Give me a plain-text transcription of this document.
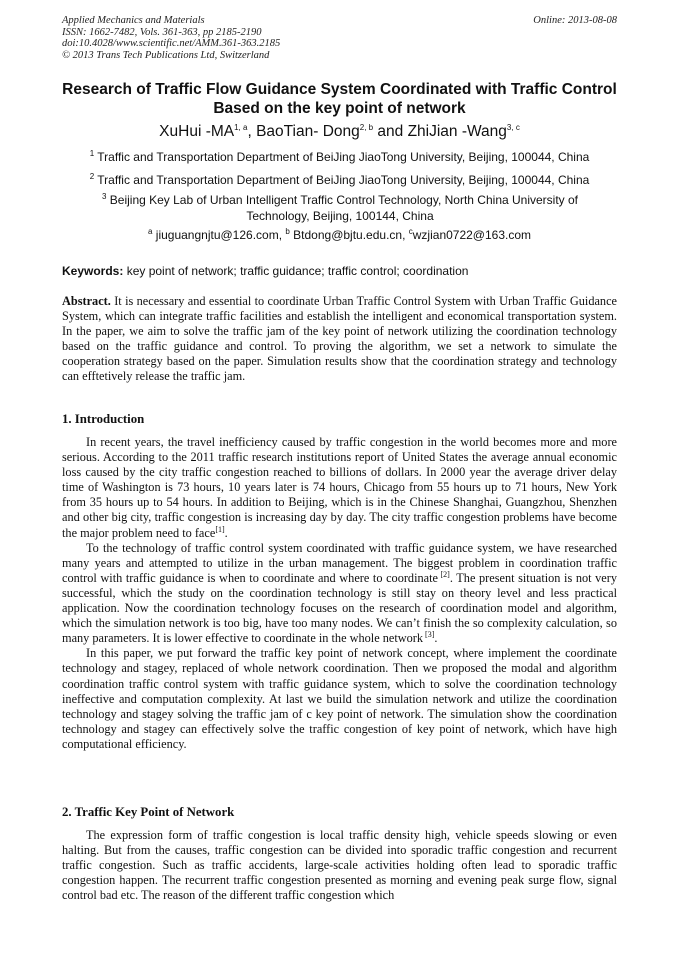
Applied Mechanics and Materials
ISSN: 1662-7482, Vols. 361-363, pp 2185-2190
doi:10.4028/www.scientific.net/AMM.361-363.2185
© 2013 Trans Tech Publications Ltd, Switzerland
Online: 2013-08-08
Research of Traffic Flow Guidance System Coordinated with Traffic Control Based on the key point of network
XuHui -MA$^{1, a}$, BaoTian- Dong$^{2, b}$ and ZhiJian -Wang$^{3, c}$
$^1$ Traffic and Transportation Department of BeiJing JiaoTong University, Beijing, 100044, China
$^2$ Traffic and Transportation Department of BeiJing JiaoTong University, Beijing, 100044, China
$^3$ Beijing Key Lab of Urban Intelligent Traffic Control Technology, North China University of Technology, Beijing, 100144, China
$^a$ jiuguangnjtu@126.com, $^b$ Btdong@bjtu.edu.cn, $^c$wzjian0722@163.com
Keywords: key point of network; traffic guidance; traffic control; coordination
Abstract. It is necessary and essential to coordinate Urban Traffic Control System with Urban Traffic Guidance System, which can integrate traffic facilities and establish the intelligent and economical transportation system. In the paper, we aim to solve the traffic jam of the key point of network utilizing the coordination technology based on the traffic guidance and control. To proving the algorithm, we set a network to simulate the cooperation strategy based on the paper. Simulation results show that the coordination strategy and technology can efftetively release the traffic jam.
1. Introduction

In recent years, the travel inefficiency caused by traffic congestion in the world becomes more and more serious. According to the 2011 traffic research institutions report of United States the average annual economic loss caused by the city traffic congestion reached to billions of dollars. In 2000 year the average driver delay time of Washington is 73 hours, 10 years later is 74 hours, Chicago from 55 hours up to 71 hours, New York from 35 hours up to 54 hours. In addition to Beijing, which is in the Chinese Shanghai, Guangzhou, Shenzhen and other big city, traffic congestion is increasing day by day. The city traffic congestion problems have become the major problem need to face[1].

To the technology of traffic control system coordinated with traffic guidance system, we have researched many years and attempted to utilize in the urban management. The biggest problem in coordination traffic control with traffic guidance is when to coordinate and where to coordinate [2]. The present situation is not very successful, which the study on the coordination technology is still stay on theory level and less practical application. Now the coordination technology focuses on the research of coordination model and algorithm, which the simulation network is too big, have too many nodes. We can’t finish the so complexity calculation, so many parameters. It is lower effective to coordinate in the whole network [3].

In this paper, we put forward the traffic key point of network concept, where implement the coordinate technology and stagey, replaced of whole network coordination. Then we proposed the modal and algorithm coordination traffic control system with traffic guidance system, which to solve the coordination technology ineffective and computation complexity. At last we build the simulation network and utilize the coordination technology and stagey solving the traffic jam of c key point of network. The simulation show the coordination technology and stagey can effectively solve the traffic congestion of key point of network, which have high computational efficiency.

2. Traffic Key Point of Network

The expression form of traffic congestion is local traffic density high, vehicle speeds slowing or even halting. But from the causes, traffic congestion can be divided into sporadic traffic congestion and recurrent traffic congestion. Such as traffic accidents, large-scale activities holding often lead to sporadic traffic congestion happen. The recurrent traffic congestion presented as morning and evening peak surge flow, signal control bad etc. The reason of the different traffic congestion which
